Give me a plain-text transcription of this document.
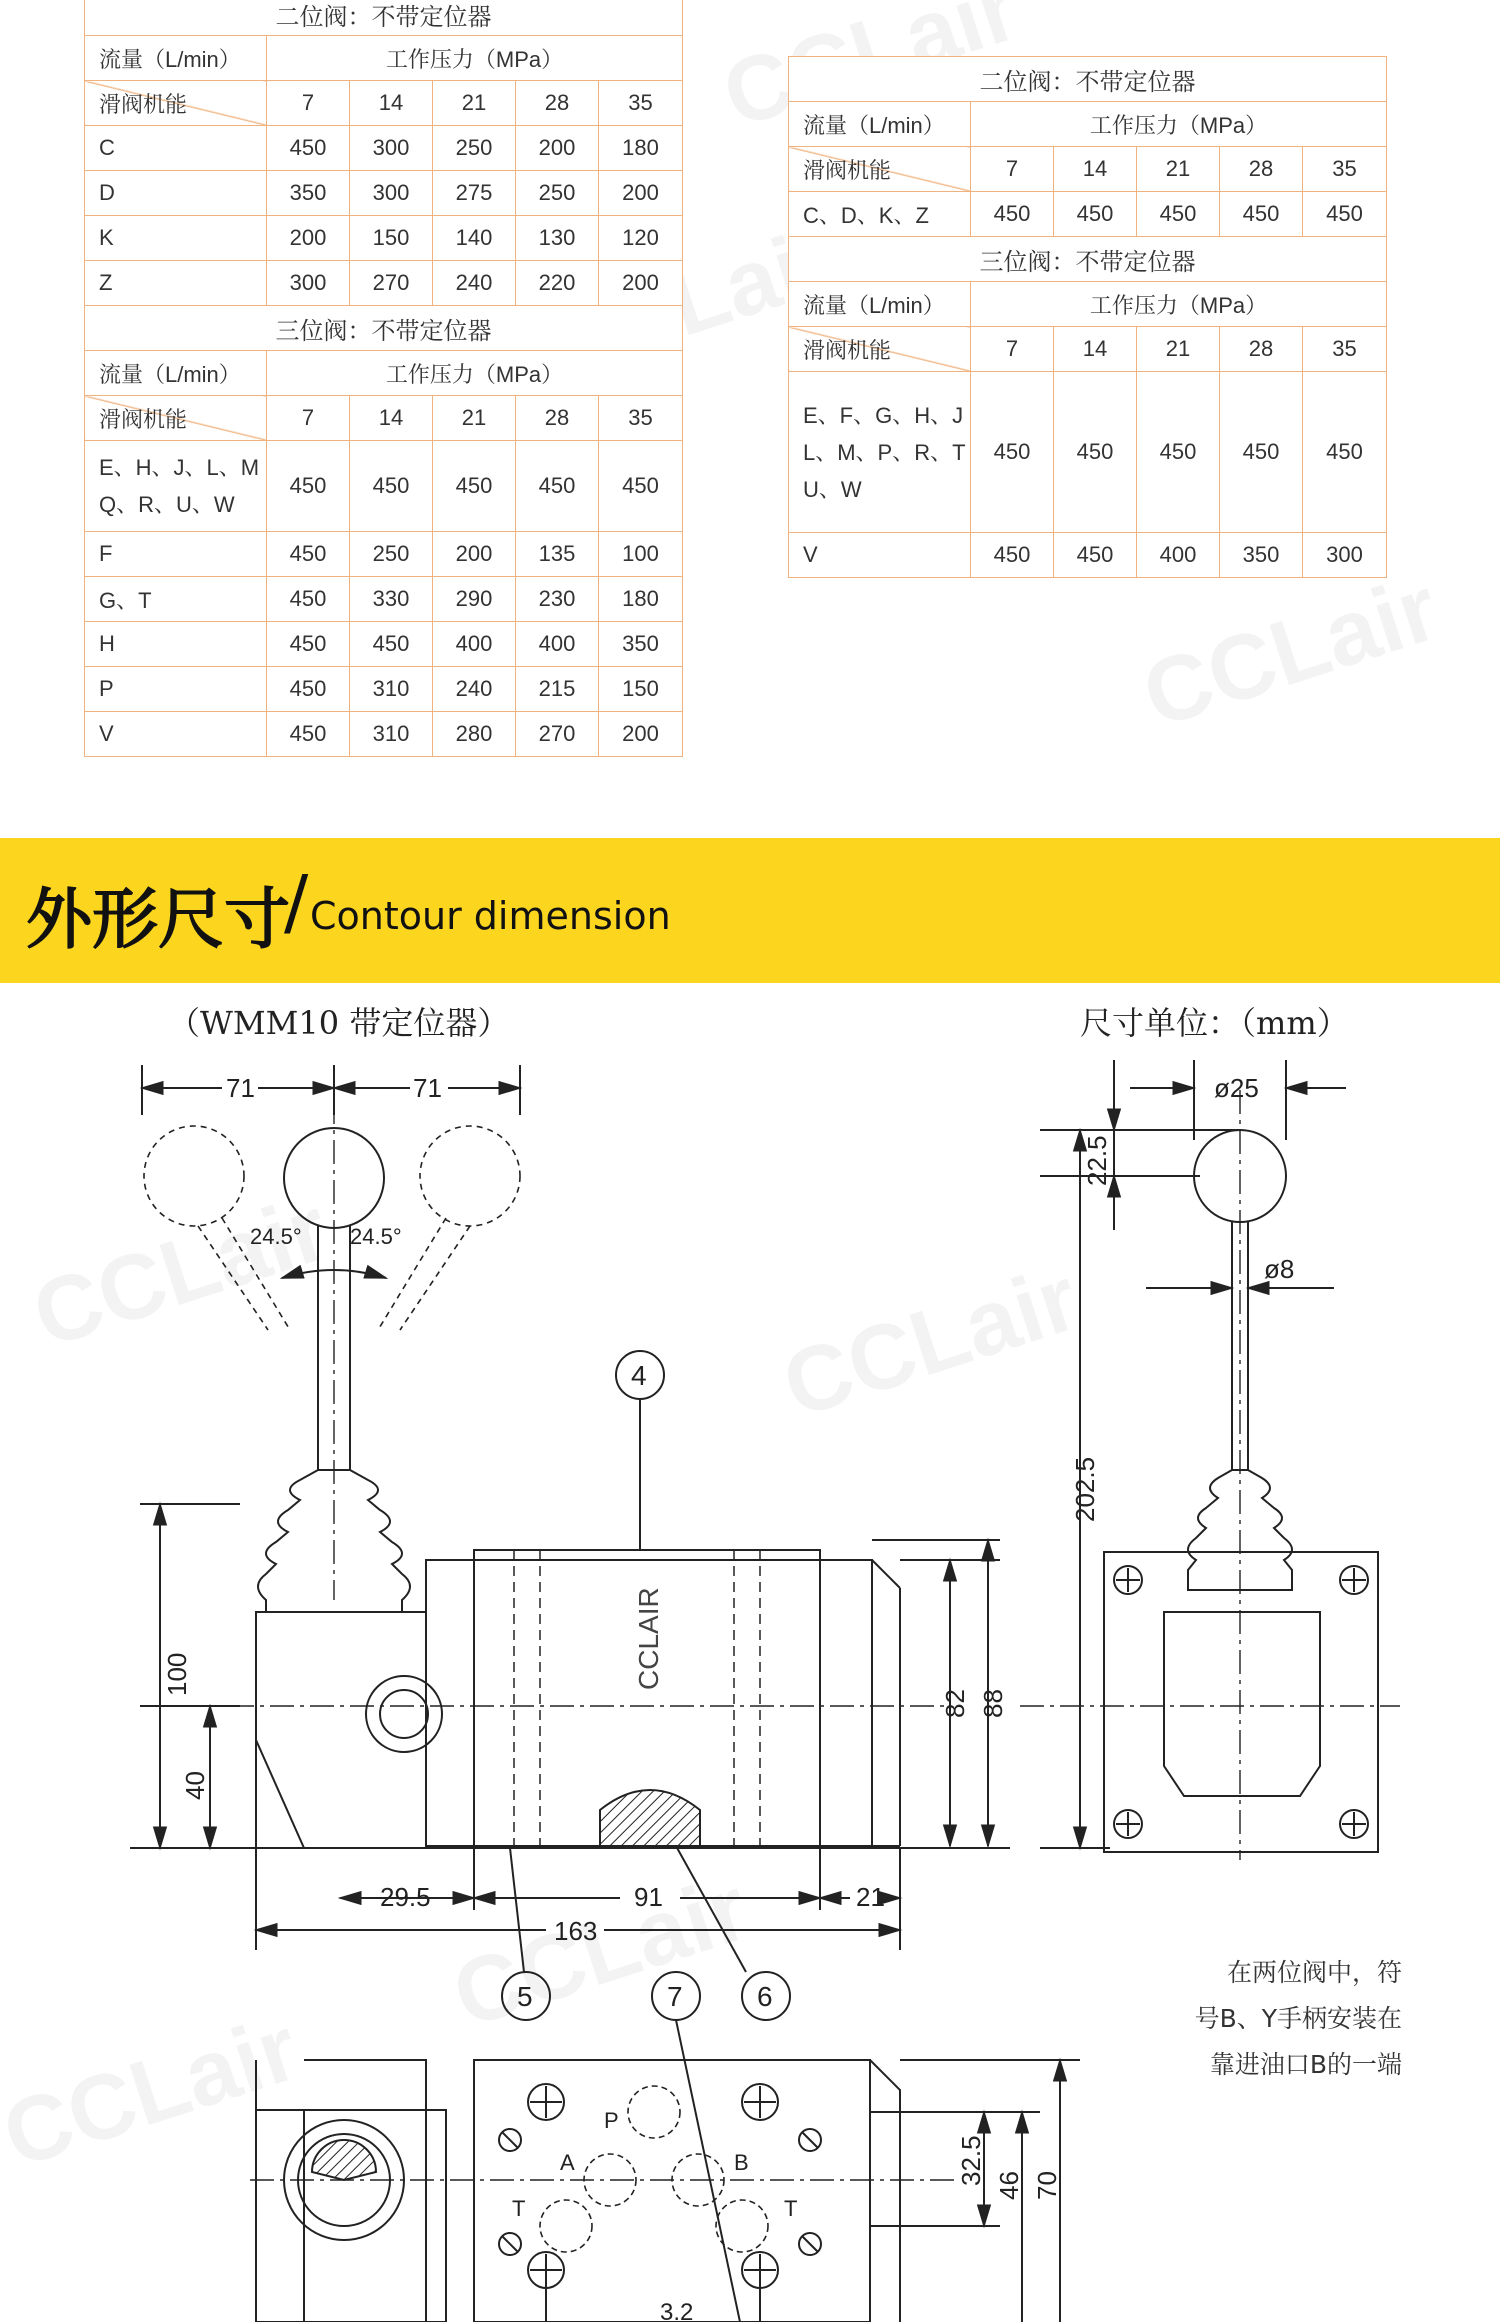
二位阀：不带定位器					
流量（L/min）	工作压力（MPa）				
滑阀机能	7	14	21	28	35
C	450	300	250	200	180
D	350	300	275	250	200
K	200	150	140	130	120
Z	300	270	240	220	200
三位阀：不带定位器					
流量（L/min）	工作压力（MPa）				
滑阀机能	7	14	21	28	35
E、H、J、L、M
Q、R、U、W	450	450	450	450	450
F	450	250	200	135	100
G、T	450	330	290	230	180
H	450	450	400	400	350
P	450	310	240	215	150
V	450	310	280	270	200
二位阀：不带定位器					
流量（L/min）	工作压力（MPa）				
滑阀机能	7	14	21	28	35
C、D、K、Z	450	450	450	450	450
三位阀：不带定位器					
流量（L/min）	工作压力（MPa）				
滑阀机能	7	14	21	28	35
E、F、G、H、J
L、M、P、R、T
U、W	450	450	450	450	450
V	450	450	400	350	300
外形尺寸
/ Contour dimension
（WMM10 带定位器）	尺寸单位：（mm）
在两位阀中，符
号B、Y手柄安装在
靠进油口B的一端
71	71
24.5° 24.5°
CCLAIR
100
40
82 88
29.5	91	21
163
4
5	7	6
ø25
ø8
22.5
202.5
P
A	B
T	T
3.2
32.5 46 70
